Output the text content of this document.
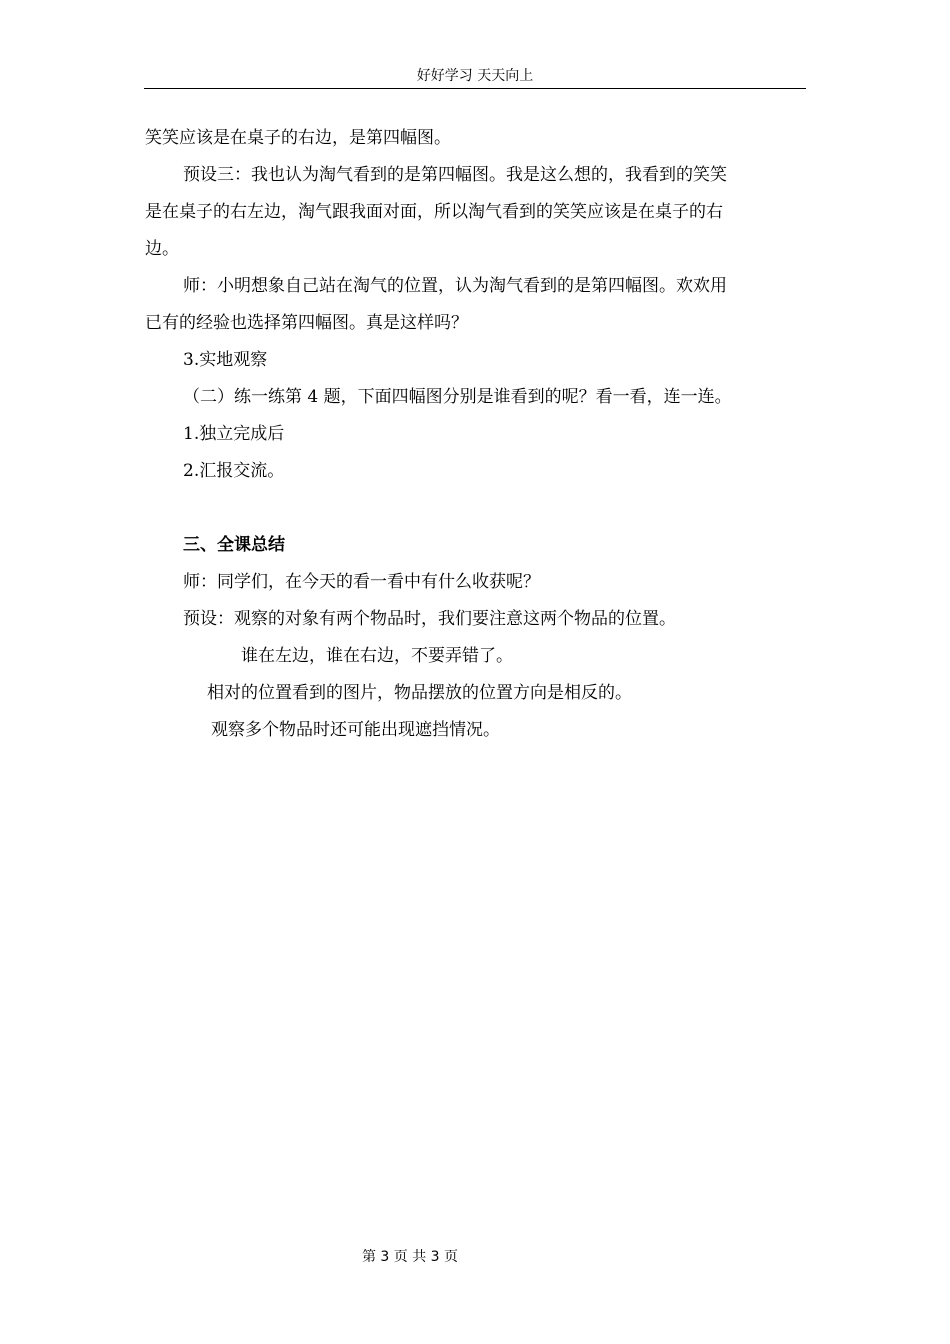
好好学习 天天向上

笑笑应该是在桌子的右边，是第四幅图。

预设三：我也认为淘气看到的是第四幅图。我是这么想的，我看到的笑笑

是在桌子的右左边，淘气跟我面对面，所以淘气看到的笑笑应该是在桌子的右

边。

师：小明想象自己站在淘气的位置，认为淘气看到的是第四幅图。欢欢用

已有的经验也选择第四幅图。真是这样吗？

3.实地观察

（二）练一练第 4 题，下面四幅图分别是谁看到的呢？看一看，连一连。

1.独立完成后

2.汇报交流。

三、全课总结

师：同学们，在今天的看一看中有什么收获呢？

预设：观察的对象有两个物品时，我们要注意这两个物品的位置。

谁在左边，谁在右边，不要弄错了。

相对的位置看到的图片，物品摆放的位置方向是相反的。

观察多个物品时还可能出现遮挡情况。

第 3 页 共 3 页
